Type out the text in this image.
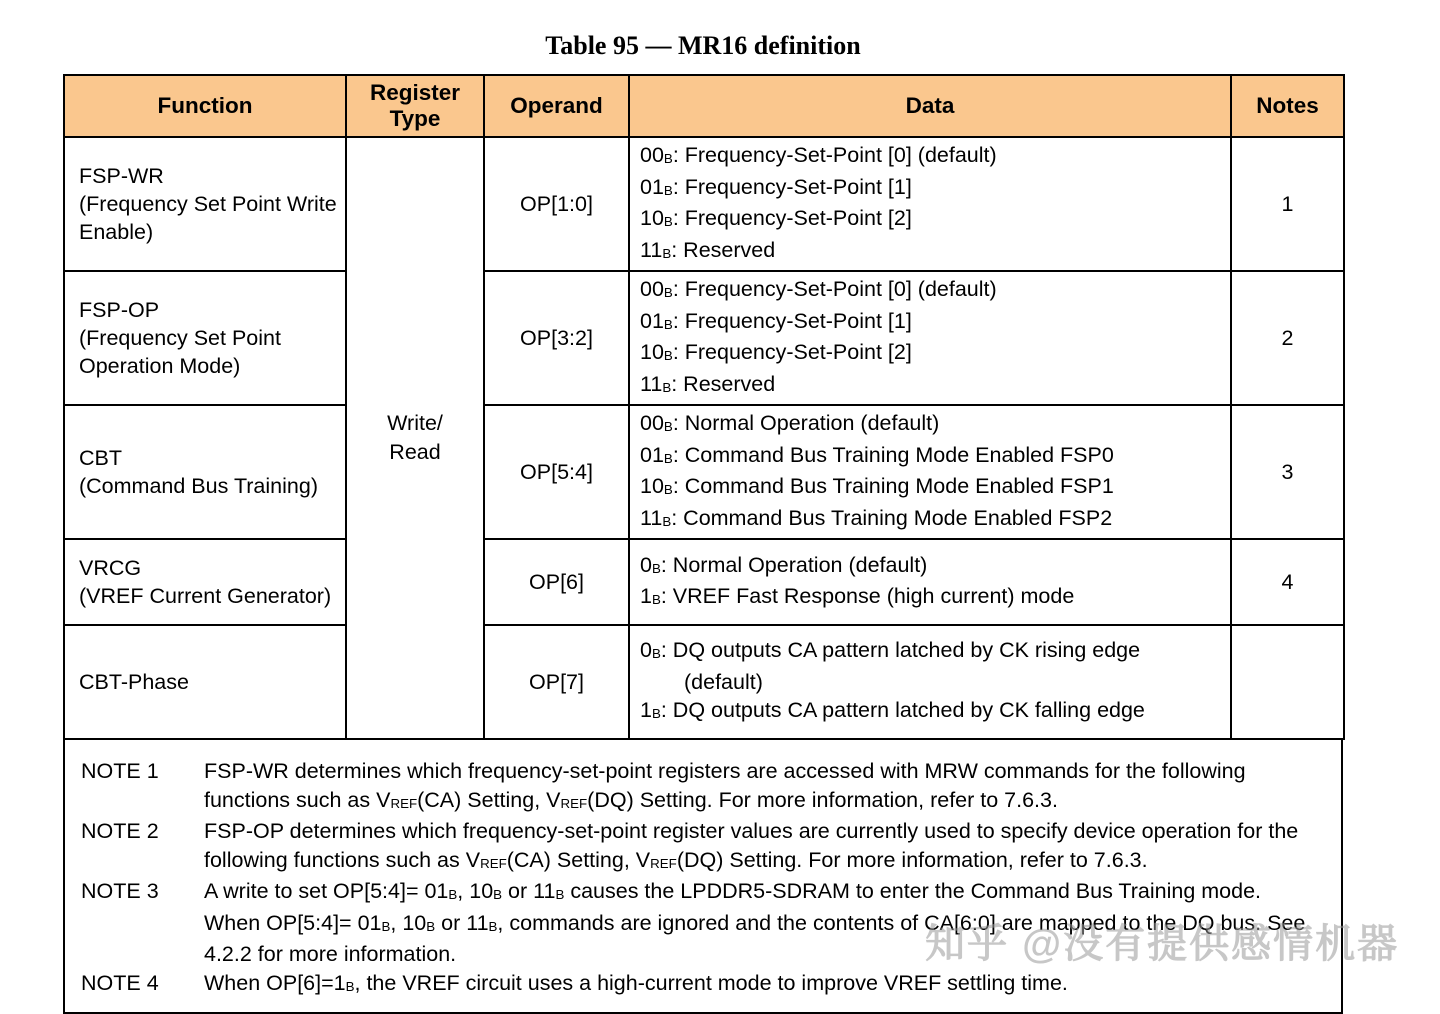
Table 95 — MR16 definition
Function	Register Type	Operand	Data	Notes

FSP-WR
(Frequency Set Point Write Enable)

Write/
Read
	OP[1:0]	
$00_B$: Frequency-Set-Point [0] (default)
$01_B$: Frequency-Set-Point [1]
$10_B$: Frequency-Set-Point [2]
$11_B$: Reserved
	1

FSP-OP
(Frequency Set Point Operation Mode)
	OP[3:2]	
$00_B$: Frequency-Set-Point [0] (default)
$01_B$: Frequency-Set-Point [1]
$10_B$: Frequency-Set-Point [2]
$11_B$: Reserved
	2

CBT
(Command Bus Training)
	OP[5:4]	
$00_B$: Normal Operation (default)
$01_B$: Command Bus Training Mode Enabled FSP0
$10_B$: Command Bus Training Mode Enabled FSP1
$11_B$: Command Bus Training Mode Enabled FSP2
	3

VRCG
(VREF Current Generator)
	OP[6]	
$0_B$: Normal Operation (default)
$1_B$: VREF Fast Response (high current) mode
	4

CBT-Phase		OP[7]	$0_B$: DQ outputs CA pattern latched by CK rising edge (default)
$1_B$: DQ outputs CA pattern latched by CK falling edge	

NOTE 1	FSP-WR determines which frequency-set-point registers are accessed with MRW commands for the following functions such as $V_{REF}(CA)$ Setting, $V_{REF}(DQ)$ Setting. For more information, refer to 7.6.3.
NOTE 2	FSP-OP determines which frequency-set-point register values are currently used to specify device operation for the following functions such as $V_{REF}(CA)$ Setting, $V_{REF}(DQ)$ Setting. For more information, refer to 7.6.3.
NOTE 3	A write to set OP[5:4]= $01_B$, $10_B$ or $11_B$ causes the LPDDR5-SDRAM to enter the Command Bus Training mode. When OP[5:4]= $01_B$, $10_B$ or $11_B$, commands are ignored and the contents of CA[6:0] are mapped to the DQ bus. See 4.2.2 for more information.
NOTE 4	When $OP[6]=1_B$, the VREF circuit uses a high-current mode to improve VREF settling time.
知乎 @没有提供感情机器
